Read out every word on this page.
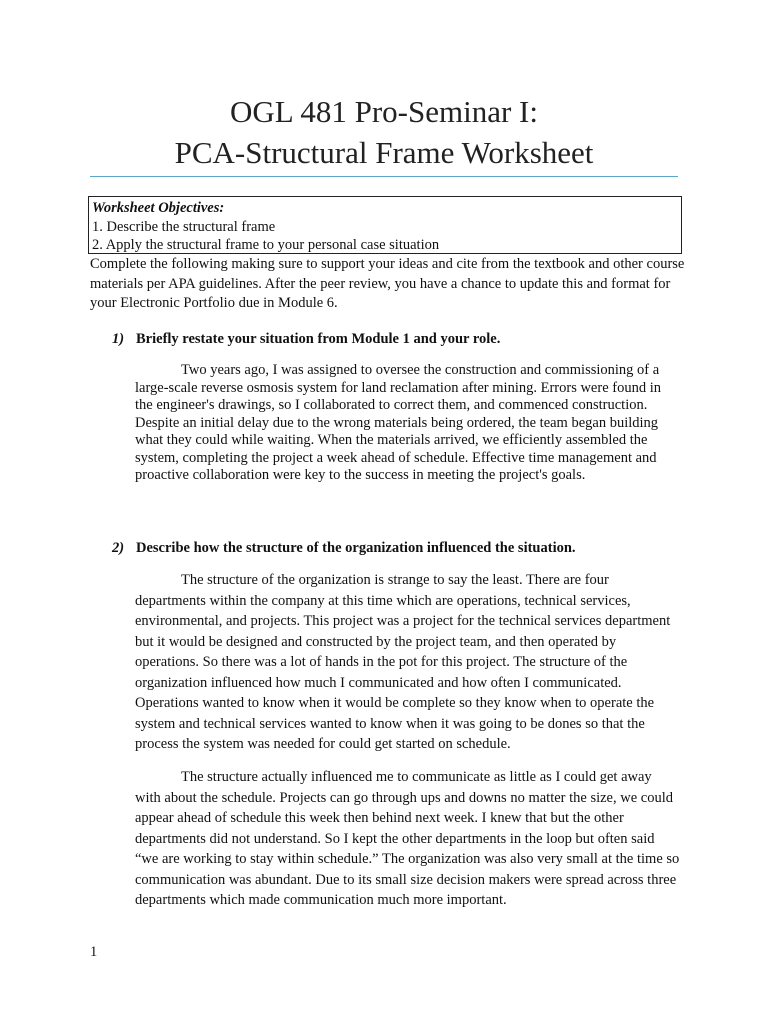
OGL 481 Pro-Seminar I:
PCA-Structural Frame Worksheet
Worksheet Objectives:
1. Describe the structural frame
2. Apply the structural frame to your personal case situation

Complete the following making sure to support your ideas and cite from the textbook and other course materials per APA guidelines. After the peer review, you have a chance to update this and format for your Electronic Portfolio due in Module 6.

1) Briefly restate your situation from Module 1 and your role.

Two years ago, I was assigned to oversee the construction and commissioning of a large-scale reverse osmosis system for land reclamation after mining. Errors were found in the engineer's drawings, so I collaborated to correct them, and commenced construction. Despite an initial delay due to the wrong materials being ordered, the team began building what they could while waiting. When the materials arrived, we efficiently assembled the system, completing the project a week ahead of schedule. Effective time management and proactive collaboration were key to the success in meeting the project's goals.

2) Describe how the structure of the organization influenced the situation.

The structure of the organization is strange to say the least. There are four departments within the company at this time which are operations, technical services, environmental, and projects. This project was a project for the technical services department but it would be designed and constructed by the project team, and then operated by operations. So there was a lot of hands in the pot for this project. The structure of the organization influenced how much I communicated and how often I communicated. Operations wanted to know when it would be complete so they know when to operate the system and technical services wanted to know when it was going to be dones so that the process the system was needed for could get started on schedule.

The structure actually influenced me to communicate as little as I could get away with about the schedule. Projects can go through ups and downs no matter the size, we could appear ahead of schedule this week then behind next week. I knew that but the other departments did not understand. So I kept the other departments in the loop but often said “we are working to stay within schedule.” The organization was also very small at the time so communication was abundant. Due to its small size decision makers were spread across three departments which made communication much more important.

1
